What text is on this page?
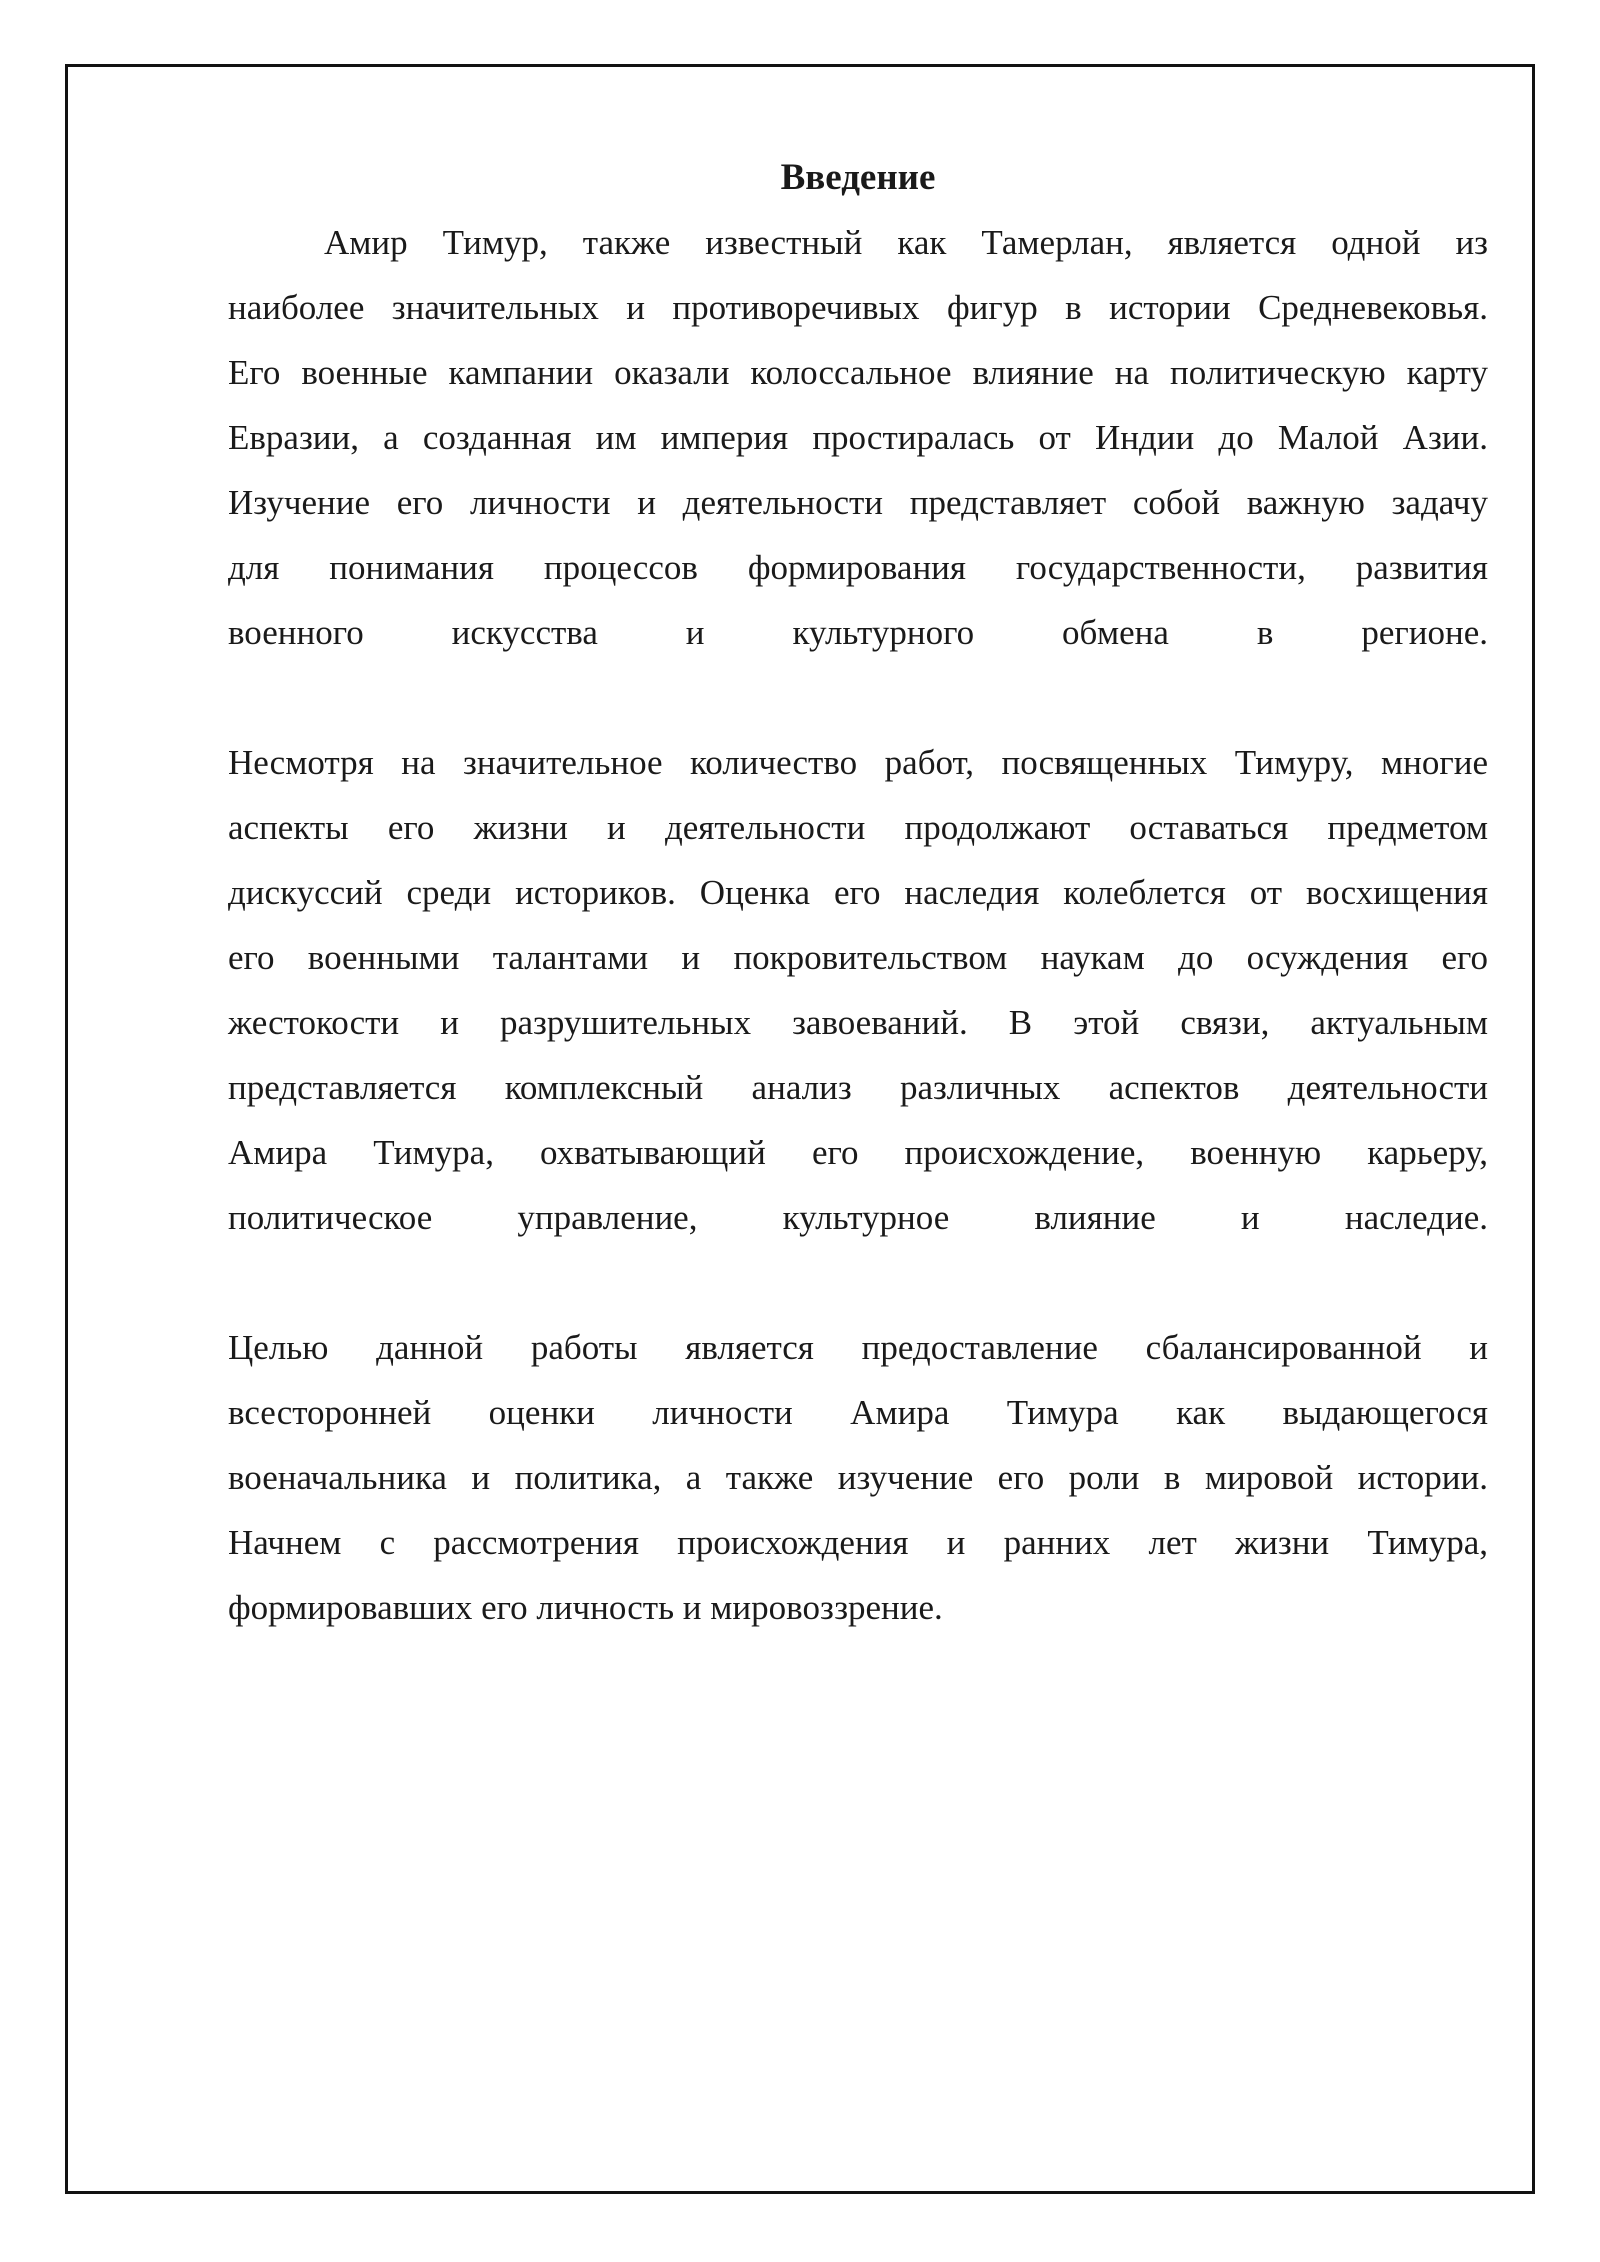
Введение

Амир Тимур, также известный как Тамерлан, является одной из
наиболее значительных и противоречивых фигур в истории Средневековья.
Его военные кампании оказали колоссальное влияние на политическую карту
Евразии, а созданная им империя простиралась от Индии до Малой Азии.
Изучение его личности и деятельности представляет собой важную задачу
для понимания процессов формирования государственности, развития
военного искусства и культурного обмена в регионе.

Несмотря на значительное количество работ, посвященных Тимуру, многие
аспекты его жизни и деятельности продолжают оставаться предметом
дискуссий среди историков. Оценка его наследия колеблется от восхищения
его военными талантами и покровительством наукам до осуждения его
жестокости и разрушительных завоеваний. В этой связи, актуальным
представляется комплексный анализ различных аспектов деятельности
Амира Тимура, охватывающий его происхождение, военную карьеру,
политическое управление, культурное влияние и наследие.

Целью данной работы является предоставление сбалансированной и
всесторонней оценки личности Амира Тимура как выдающегося
военачальника и политика, а также изучение его роли в мировой истории.
Начнем с рассмотрения происхождения и ранних лет жизни Тимура,
формировавших его личность и мировоззрение.
